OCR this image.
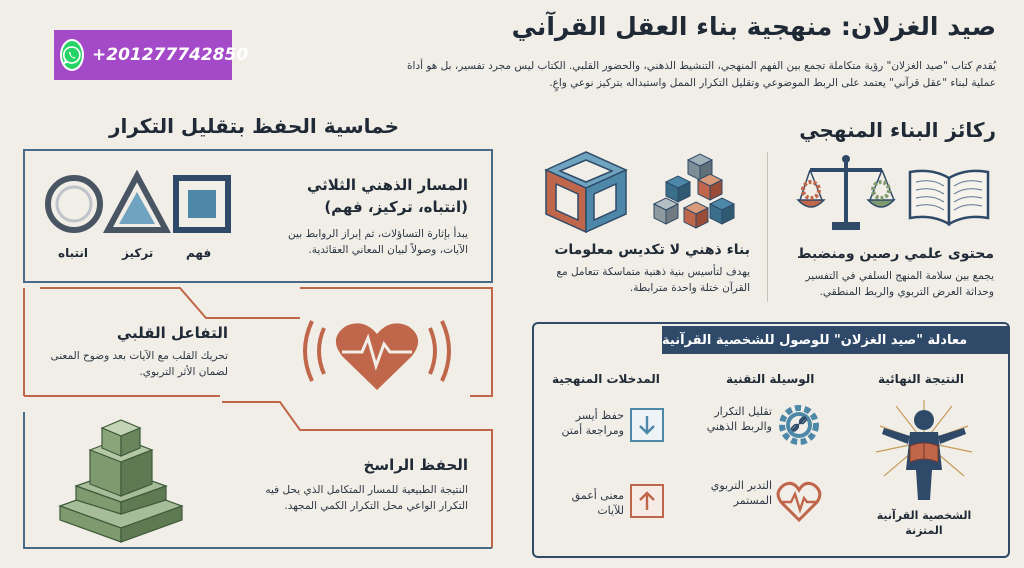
صيد الغزلان: منهجية بناء العقل القرآني
يُقدم كتاب "صيد الغزلان" رؤية متكاملة تجمع بين الفهم المنهجي، التنشيط الذهني، والحضور القلبي. الكتاب ليس مجرد تفسير، بل هو أداة عملية لبناء "عقل قرآني" يعتمد على الربط الموضوعي وتقليل التكرار الممل واستبداله بتركيز نوعي واعٍ.
+201277742850
ركائز البناء المنهجي
محتوى علمي رصين ومنضبط
يجمع بين سلامة المنهج السلفي في التفسير وحداثة العرض التربوي والربط المنطقي.
بناء ذهني لا تكديس معلومات
يهدف لتأسيس بنية ذهنية متماسكة تتعامل مع القرآن ختلة واحدة مترابطة.
معادلة "صيد الغزلان" للوصول للشخصية القرآنية
النتيجة النهائية
الوسيلة التقنية
المدخلات المنهجية
الشخصية القرآنية المتزنة
تقليل التكرار والربط الذهني
التدبر التربوي المستمر
حفظ أيسر ومراجعة أمتن
معنى أعمق للآيات
خماسية الحفظ بتقليل التكرار
انتباه	تركيز	فهم
المسار الذهني الثلاثي
(انتباه، تركيز، فهم)
يبدأ بإثارة التساؤلات، ثم إبراز الروابط بين الآيات، وصولاً لبيان المعاني العقائدية.
التفاعل القلبي
تحريك القلب مع الآيات بعد وضوح المعنى لضمان الأثر التربوي.
الحفظ الراسخ
النتيجة الطبيعية للمسار المتكامل الذي يحل فيه التكرار الواعي محل التكرار الكمي المجهد.
